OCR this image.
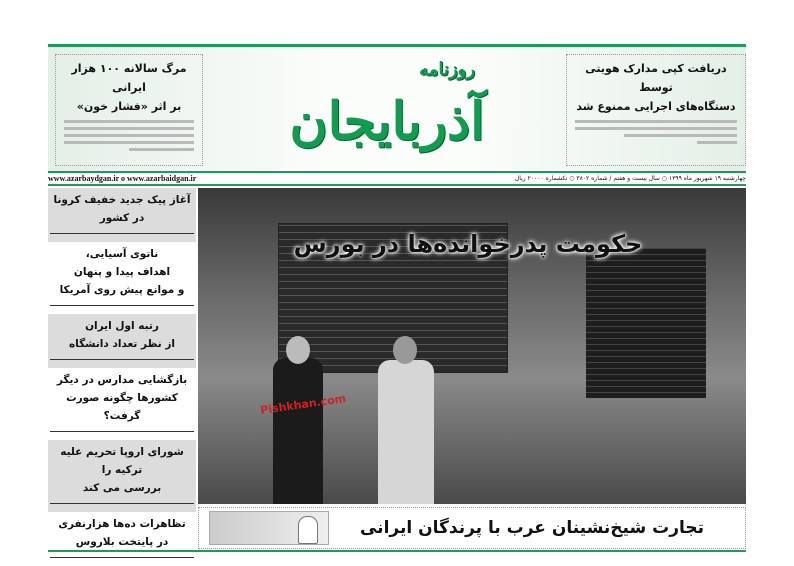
دریافت کپی مدارک هویتی توسط
دستگاه‌های اجرایی ممنوع شد
مرگ سالانه ۱۰۰ هزار ایرانی
بر اثر «فشار خون»
روزنامه
آذربایجان
چهارشنبه ۱۹ شهریور ماه ۱۳۹۹ ○ سال بیست و هفتم / شماره ۳۸۰۲ ○ تکشماره ۲۰۰۰۰ ریال
www.azarbaydgan.ir o www.azarbaidgan.ir
آغاز پیک جدید خفیف کرونا
در کشور
ناتوی آسیایی،
اهداف پیدا و پنهان
و موانع پیش روی آمریکا
رتبه اول ایران
از نظر تعداد دانشگاه
بازگشایی مدارس در دیگر
کشورها چگونه صورت گرفت؟
شورای اروپا تحریم علیه ترکیه را
بررسی می کند
تظاهرات ده‌ها هزارنفری
در پایتخت بلاروس
حکومت پدرخوانده‌ها در بورس
Pishkhan.com
تجارت شیخ‌نشینان عرب با پرندگان ایرانی
